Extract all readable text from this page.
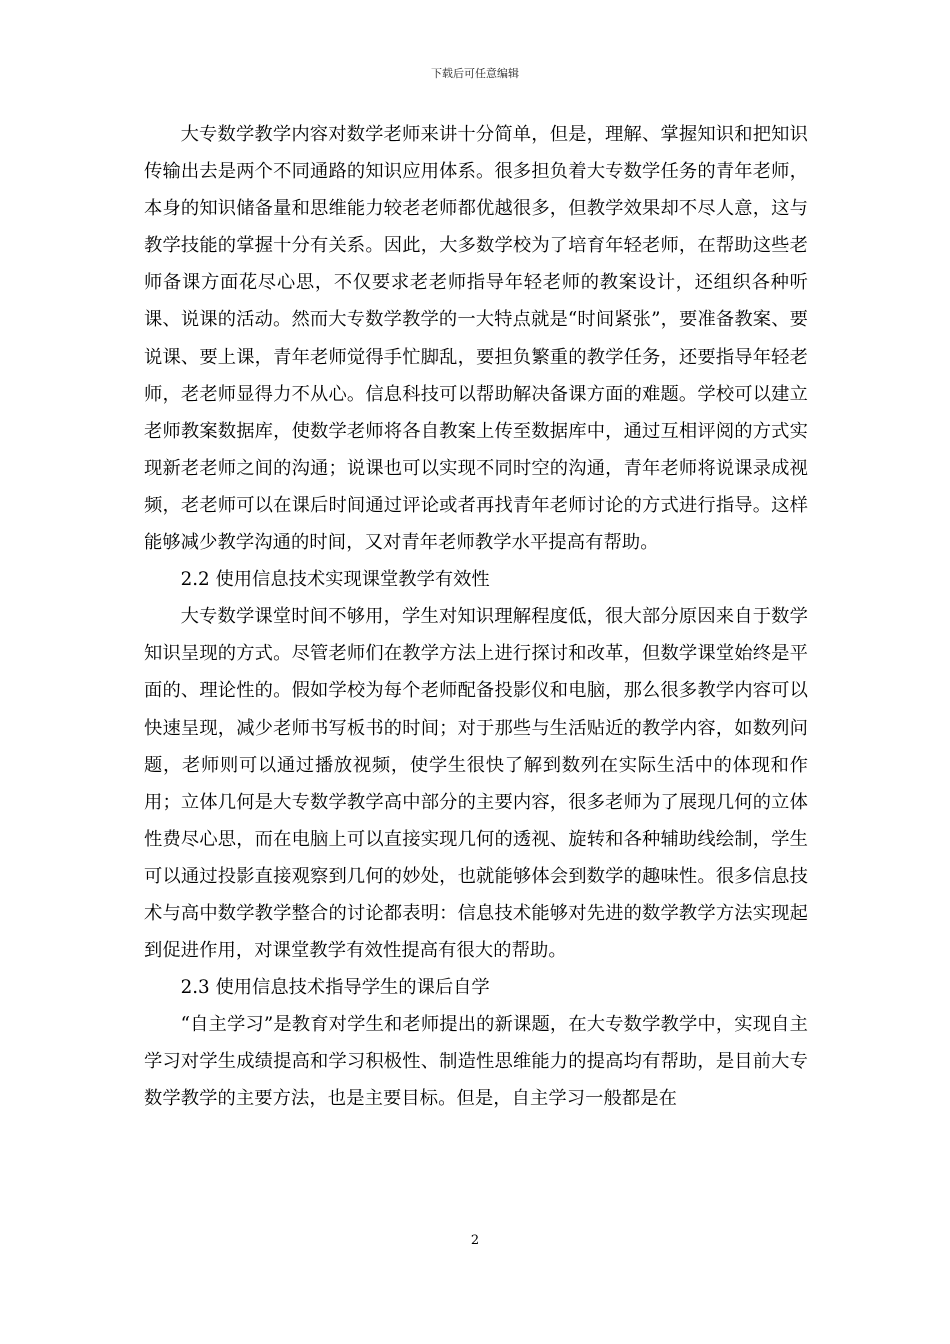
下载后可任意编辑

大专数学教学内容对数学老师来讲十分简单，但是，理解、掌握知识和把知识传输出去是两个不同通路的知识应用体系。很多担负着大专数学任务的青年老师，本身的知识储备量和思维能力较老老师都优越很多，但教学效果却不尽人意，这与教学技能的掌握十分有关系。因此，大多数学校为了培育年轻老师，在帮助这些老师备课方面花尽心思，不仅要求老老师指导年轻老师的教案设计，还组织各种听课、说课的活动。然而大专数学教学的一大特点就是“时间紧张”，要准备教案、要说课、要上课，青年老师觉得手忙脚乱，要担负繁重的教学任务，还要指导年轻老师，老老师显得力不从心。信息科技可以帮助解决备课方面的难题。学校可以建立老师教案数据库，使数学老师将各自教案上传至数据库中，通过互相评阅的方式实现新老老师之间的沟通；说课也可以实现不同时空的沟通，青年老师将说课录成视频，老老师可以在课后时间通过评论或者再找青年老师讨论的方式进行指导。这样能够减少教学沟通的时间，又对青年老师教学水平提高有帮助。

2.2 使用信息技术实现课堂教学有效性

大专数学课堂时间不够用，学生对知识理解程度低，很大部分原因来自于数学知识呈现的方式。尽管老师们在教学方法上进行探讨和改革，但数学课堂始终是平面的、理论性的。假如学校为每个老师配备投影仪和电脑，那么很多教学内容可以快速呈现，减少老师书写板书的时间；对于那些与生活贴近的教学内容，如数列问题，老师则可以通过播放视频，使学生很快了解到数列在实际生活中的体现和作用；立体几何是大专数学教学高中部分的主要内容，很多老师为了展现几何的立体性费尽心思，而在电脑上可以直接实现几何的透视、旋转和各种辅助线绘制，学生可以通过投影直接观察到几何的妙处，也就能够体会到数学的趣味性。很多信息技术与高中数学教学整合的讨论都表明：信息技术能够对先进的数学教学方法实现起到促进作用，对课堂教学有效性提高有很大的帮助。

2.3 使用信息技术指导学生的课后自学

“自主学习”是教育对学生和老师提出的新课题，在大专数学教学中，实现自主学习对学生成绩提高和学习积极性、制造性思维能力的提高均有帮助，是目前大专数学教学的主要方法，也是主要目标。但是，自主学习一般都是在

2
